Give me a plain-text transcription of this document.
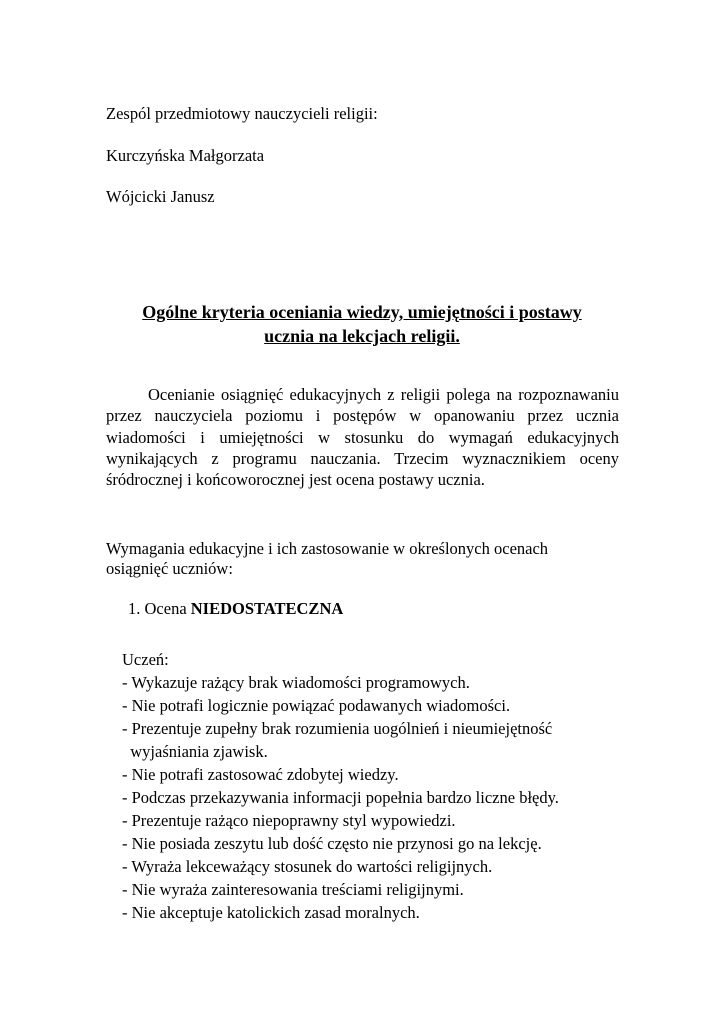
Zespól przedmiotowy nauczycieli religii:
Kurczyńska Małgorzata
Wójcicki Janusz
Ogólne kryteria oceniania wiedzy, umiejętności i postawy
ucznia na lekcjach religii.

Ocenianie osiągnięć edukacyjnych z religii polega na rozpoznawaniu przez nauczyciela poziomu i postępów w opanowaniu przez ucznia wiadomości i umiejętności w stosunku do wymagań edukacyjnych wynikających z programu nauczania. Trzecim wyznacznikiem oceny śródrocznej i końcoworocznej jest ocena postawy ucznia.

Wymagania edukacyjne i ich zastosowanie w określonych ocenach
osiągnięć uczniów:
1. Ocena NIEDOSTATECZNA
Uczeń:
- Wykazuje rażący brak wiadomości programowych.
- Nie potrafi logicznie powiązać podawanych wiadomości.
- Prezentuje zupełny brak rozumienia uogólnień i nieumiejętność
wyjaśniania zjawisk.
- Nie potrafi zastosować zdobytej wiedzy.
- Podczas przekazywania informacji popełnia bardzo liczne błędy.
- Prezentuje rażąco niepoprawny styl wypowiedzi.
- Nie posiada zeszytu lub dość często nie przynosi go na lekcję.
- Wyraża lekceważący stosunek do wartości religijnych.
- Nie wyraża zainteresowania treściami religijnymi.
- Nie akceptuje katolickich zasad moralnych.
